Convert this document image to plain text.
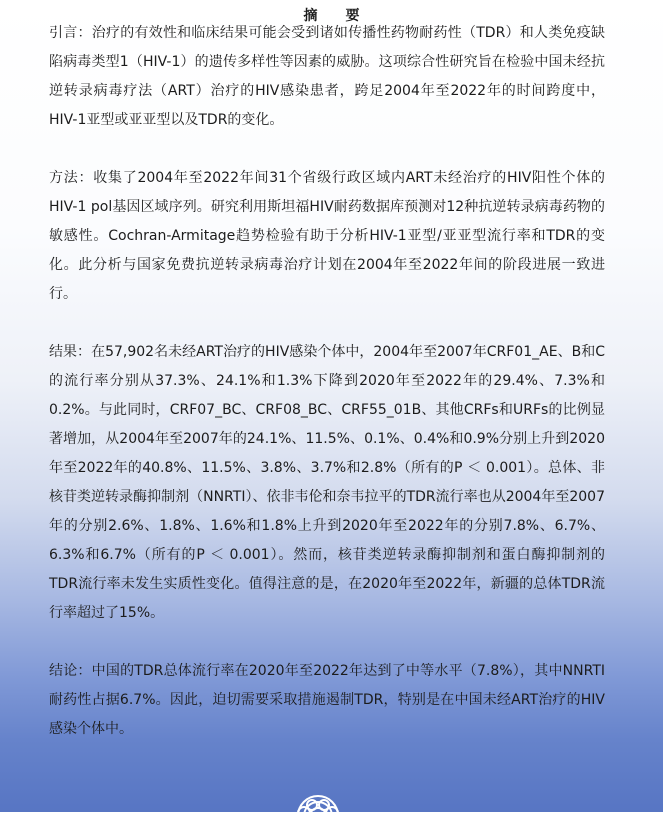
摘要

引言：治疗的有效性和临床结果可能会受到诸如传播性药物耐药性（TDR）和人类免疫缺陷病毒类型1（HIV-1）的遗传多样性等因素的威胁。这项综合性研究旨在检验中国未经抗逆转录病毒疗法（ART）治疗的HIV感染患者，跨足2004年至2022年的时间跨度中，HIV-1亚型或亚亚型以及TDR的变化。

方法：收集了2004年至2022年间31个省级行政区域内ART未经治疗的HIV阳性个体的HIV-1 pol基因区域序列。研究利用斯坦福HIV耐药数据库预测对12种抗逆转录病毒药物的敏感性。Cochran-Armitage趋势检验有助于分析HIV-1亚型/亚亚型流行率和TDR的变化。此分析与国家免费抗逆转录病毒治疗计划在2004年至2022年间的阶段进展一致进行。

结果：在57,902名未经ART治疗的HIV感染个体中，2004年至2007年CRF01_AE、B和C的流行率分别从37.3%、24.1%和1.3%下降到2020年至2022年的29.4%、7.3%和0.2%。与此同时，CRF07_BC、CRF08_BC、CRF55_01B、其他CRFs和URFs的比例显著增加，从2004年至2007年的24.1%、11.5%、0.1%、0.4%和0.9%分别上升到2020年至2022年的40.8%、11.5%、3.8%、3.7%和2.8%（所有的P ＜ 0.001）。总体、非核苷类逆转录酶抑制剂（NNRTI）、依非韦伦和奈韦拉平的TDR流行率也从2004年至2007年的分别2.6%、1.8%、1.6%和1.8%上升到2020年至2022年的分别7.8%、6.7%、6.3%和6.7%（所有的P ＜ 0.001）。然而，核苷类逆转录酶抑制剂和蛋白酶抑制剂的TDR流行率未发生实质性变化。值得注意的是，在2020年至2022年，新疆的总体TDR流行率超过了15%。

结论：中国的TDR总体流行率在2020年至2022年达到了中等水平（7.8%），其中NNRTI耐药性占据6.7%。因此，迫切需要采取措施遏制TDR，特别是在中国未经ART治疗的HIV感染个体中。
